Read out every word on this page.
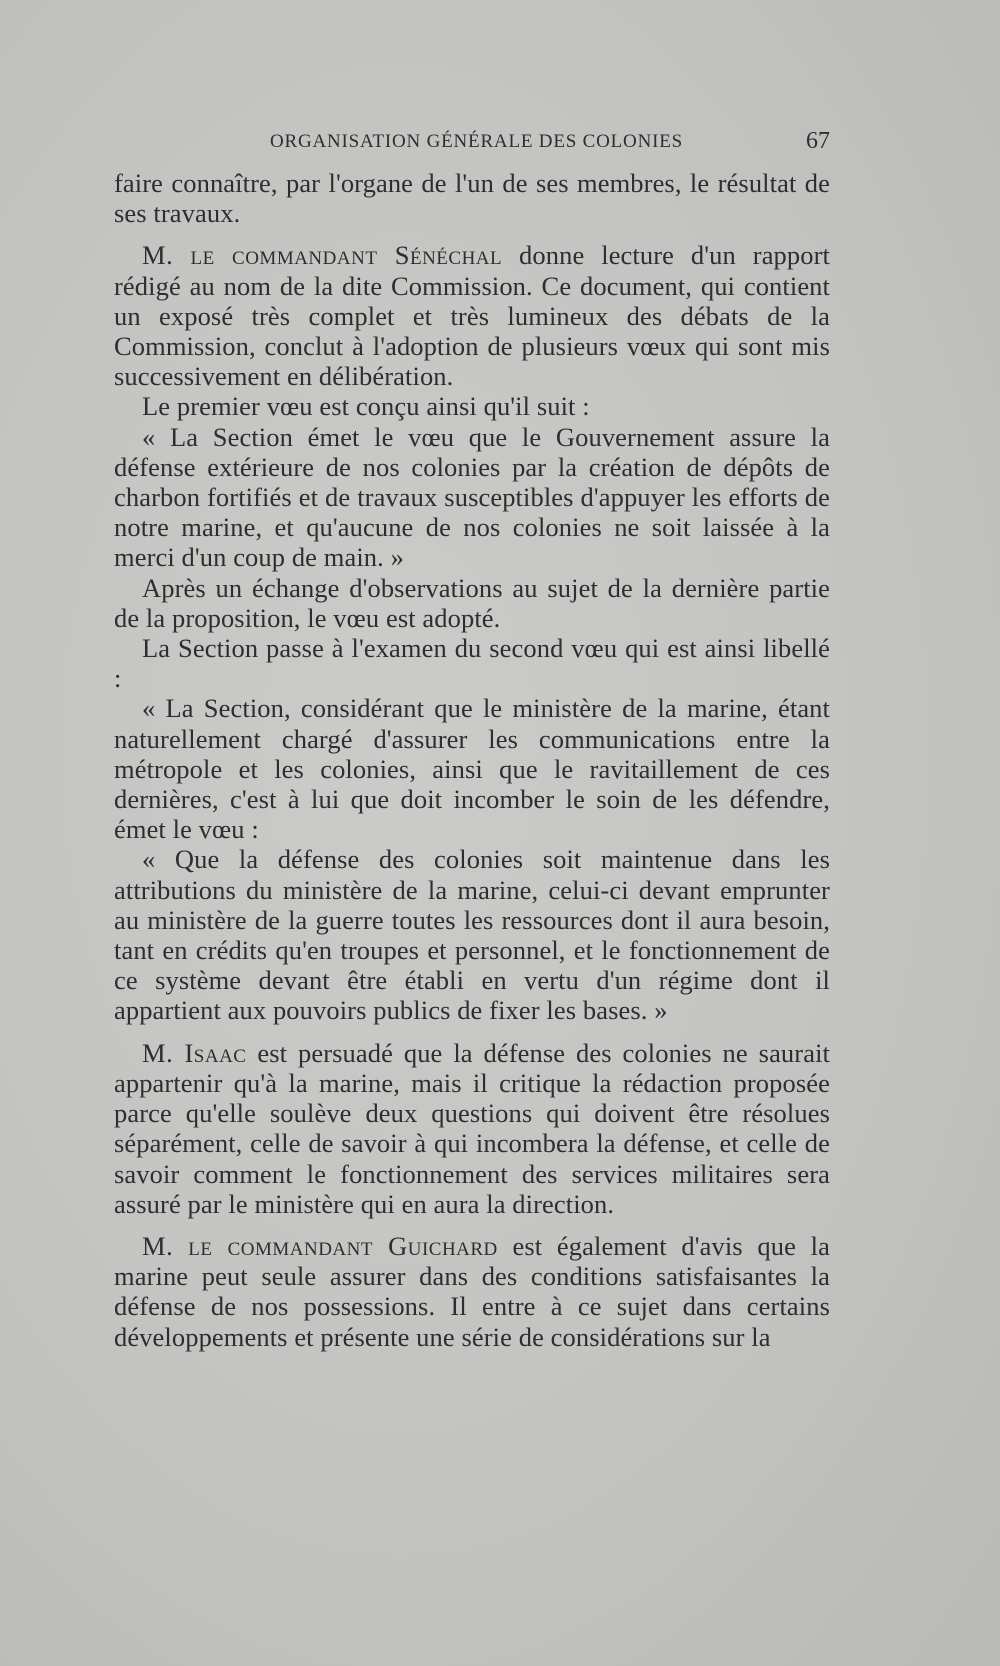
ORGANISATION GÉNÉRALE DES COLONIES	67

faire connaître, par l'organe de l'un de ses membres, le résultat de ses travaux.

M. le commandant Sénéchal donne lecture d'un rapport rédigé au nom de la dite Commission. Ce document, qui contient un exposé très complet et très lumineux des débats de la Commission, conclut à l'adoption de plusieurs vœux qui sont mis successivement en délibération.

Le premier vœu est conçu ainsi qu'il suit :

« La Section émet le vœu que le Gouvernement assure la défense extérieure de nos colonies par la création de dépôts de charbon fortifiés et de travaux susceptibles d'appuyer les efforts de notre marine, et qu'aucune de nos colonies ne soit laissée à la merci d'un coup de main. »

Après un échange d'observations au sujet de la dernière partie de la proposition, le vœu est adopté.

La Section passe à l'examen du second vœu qui est ainsi libellé :

« La Section, considérant que le ministère de la marine, étant naturellement chargé d'assurer les communications entre la métropole et les colonies, ainsi que le ravitaillement de ces dernières, c'est à lui que doit incomber le soin de les défendre, émet le vœu :

« Que la défense des colonies soit maintenue dans les attributions du ministère de la marine, celui-ci devant emprunter au ministère de la guerre toutes les ressources dont il aura besoin, tant en crédits qu'en troupes et personnel, et le fonctionnement de ce système devant être établi en vertu d'un régime dont il appartient aux pouvoirs publics de fixer les bases. »

M. Isaac est persuadé que la défense des colonies ne saurait appartenir qu'à la marine, mais il critique la rédaction proposée parce qu'elle soulève deux questions qui doivent être résolues séparément, celle de savoir à qui incombera la défense, et celle de savoir comment le fonctionnement des services militaires sera assuré par le ministère qui en aura la direction.

M. le commandant Guichard est également d'avis que la marine peut seule assurer dans des conditions satisfaisantes la défense de nos possessions. Il entre à ce sujet dans certains développements et présente une série de considérations sur la
